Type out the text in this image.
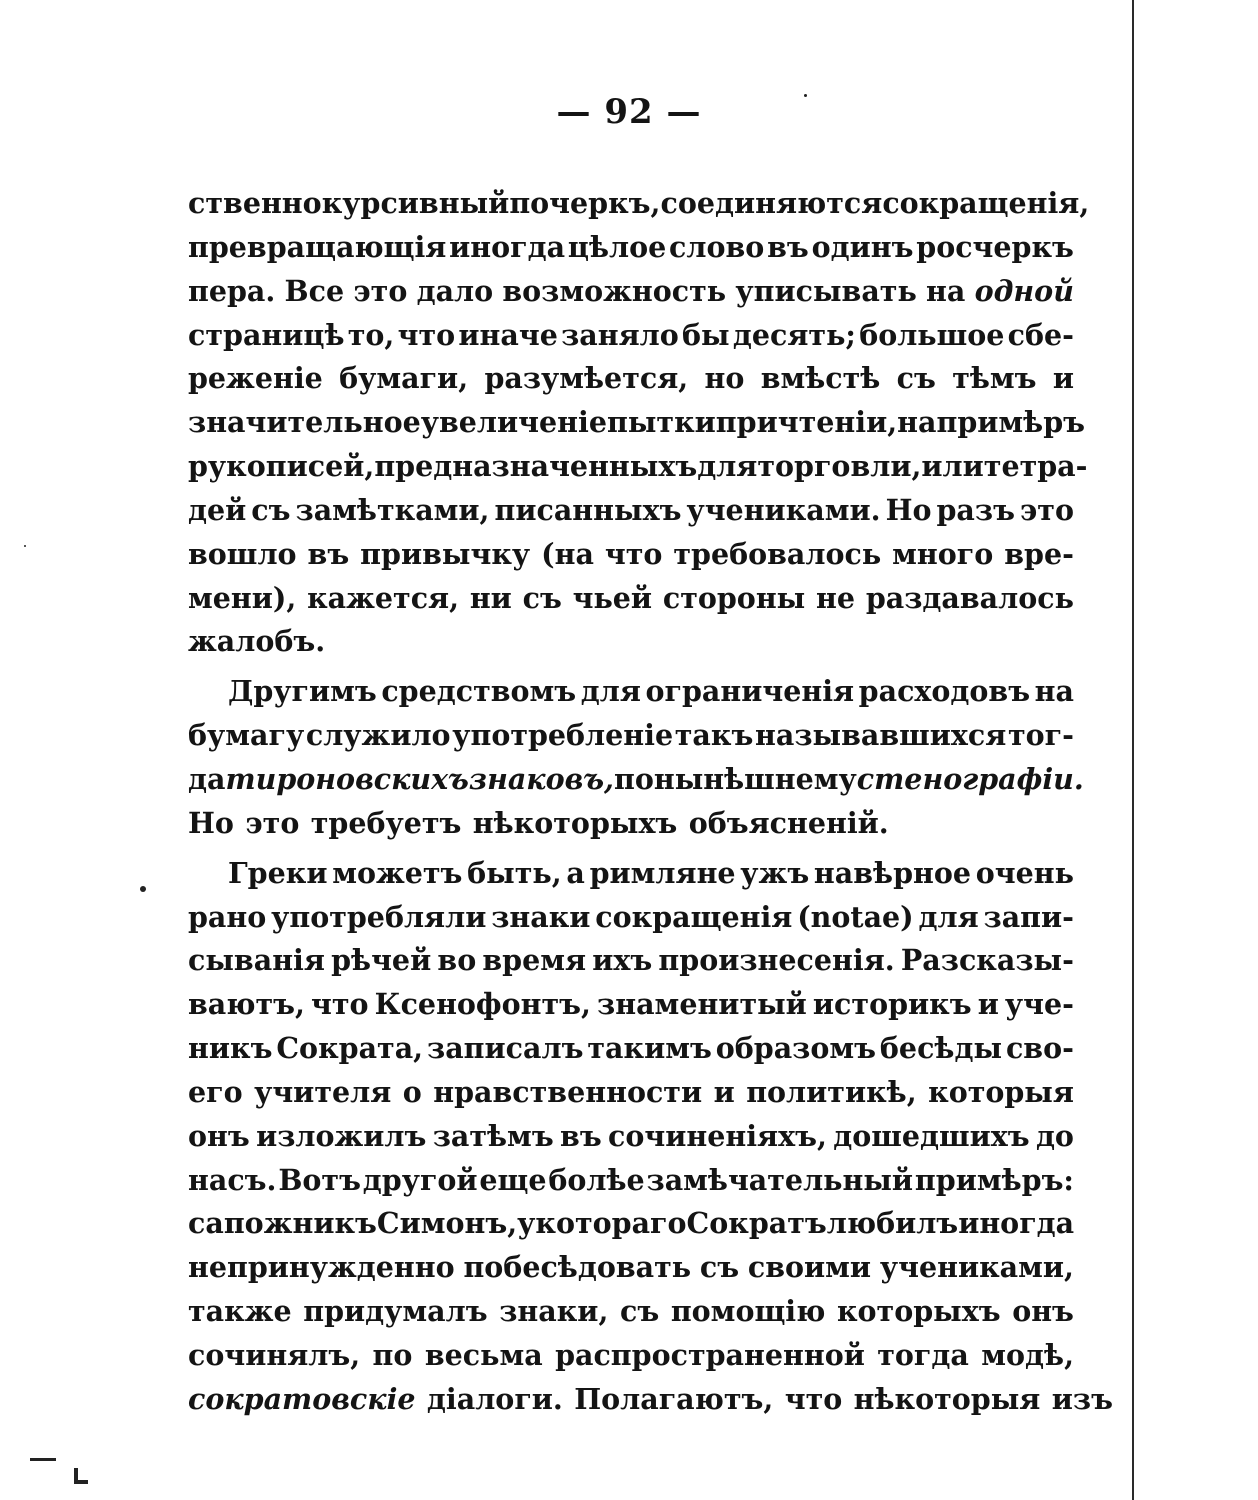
— 92 —
ственно курсивный почеркъ, соединяются сокращенія,
превращающія иногда цѣлое слово въ одинъ росчеркъ
пера. Все это дало возможность уписывать на одной
страницѣ то, что иначе заняло бы десять; большое сбе-
реженіе бумаги, разумѣется, но вмѣстѣ съ тѣмъ и
значительное увеличеніе пытки при чтеніи, напримѣръ
рукописей, предназначенныхъ для торговли, или тетра-
дей съ замѣтками, писанныхъ учениками. Но разъ это
вошло въ привычку (на что требовалось много вре-
мени), кажется, ни съ чьей стороны не раздавалось
жалобъ.
Другимъ средствомъ для ограниченія расходовъ на
бумагу служило употребленіе такъ называвшихся тог-
да тироновскихъ знаковъ, по нынѣшнему стенографіи.
Но это требуетъ нѣкоторыхъ объясненій.
Греки можетъ быть, а римляне ужъ навѣрное очень
рано употребляли знаки сокращенія (notae) для запи-
сыванія рѣчей во время ихъ произнесенія. Разсказы-
ваютъ, что Ксенофонтъ, знаменитый историкъ и уче-
никъ Сократа, записалъ такимъ образомъ бесѣды сво-
его учителя о нравственности и политикѣ, которыя
онъ изложилъ затѣмъ въ сочиненіяхъ, дошедшихъ до
насъ. Вотъ другой еще болѣе замѣчательный примѣръ:
сапожникъ Симонъ, у котораго Сократъ любилъ иногда
непринужденно побесѣдовать съ своими учениками,
также придумалъ знаки, съ помощію которыхъ онъ
сочинялъ, по весьма распространенной тогда модѣ,
сократовскіе діалоги. Полагаютъ, что нѣкоторыя изъ
